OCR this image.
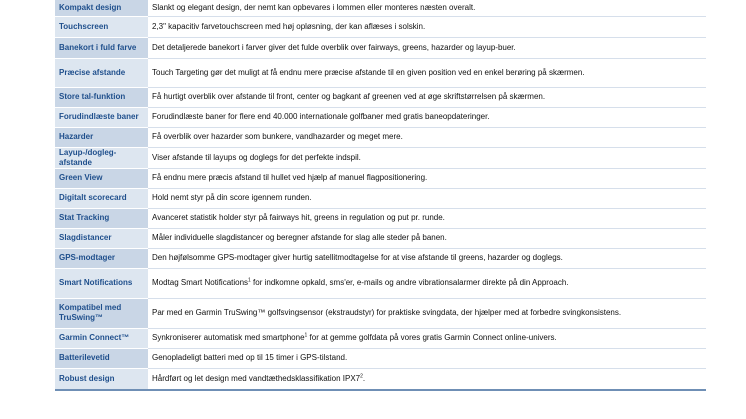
Kompakt design	Slankt og elegant design, der nemt kan opbevares i lommen eller monteres næsten overalt.
Touchscreen	2,3" kapacitiv farvetouchscreen med høj opløsning, der kan aflæses i solskin.
Banekort i fuld farve	Det detaljerede banekort i farver giver det fulde overblik over fairways, greens, hazarder og layup-buer.
Præcise afstande	Touch Targeting gør det muligt at få endnu mere præcise afstande til en given position ved en enkel berøring på skærmen.
Store tal-funktion	Få hurtigt overblik over afstande til front, center og bagkant af greenen ved at øge skriftstørrelsen på skærmen.
Forudindlæste baner	Forudindlæste baner for flere end 40.000 internationale golfbaner med gratis baneopdateringer.
Hazarder	Få overblik over hazarder som bunkere, vandhazarder og meget mere.
Layup-/dogleg-afstande	Viser afstande til layups og doglegs for det perfekte indspil.
Green View	Få endnu mere præcis afstand til hullet ved hjælp af manuel flagpositionering.
Digitalt scorecard	Hold nemt styr på din score igennem runden.
Stat Tracking	Avanceret statistik holder styr på fairways hit, greens in regulation og put pr. runde.
Slagdistancer	Måler individuelle slagdistancer og beregner afstande for slag alle steder på banen.
GPS-modtager	Den højfølsomme GPS-modtager giver hurtig satellitmodtagelse for at vise afstande til greens, hazarder og doglegs.
Smart Notifications	Modtag Smart Notifications$^1$ for indkomne opkald, sms'er, e-mails og andre vibrationsalarmer direkte på din Approach.
Kompatibel med TruSwing™	Par med en Garmin TruSwing™ golfsvingsensor (ekstraudstyr) for praktiske svingdata, der hjælper med at forbedre svingkonsistens.
Garmin Connect™	Synkroniserer automatisk med smartphone$^1$ for at gemme golfdata på vores gratis Garmin Connect online-univers.
Batterilevetid	Genopladeligt batteri med op til 15 timer i GPS-tilstand.
Robust design	Hårdført og let design med vandtæthedsklassifikation $IPX7^2$.
